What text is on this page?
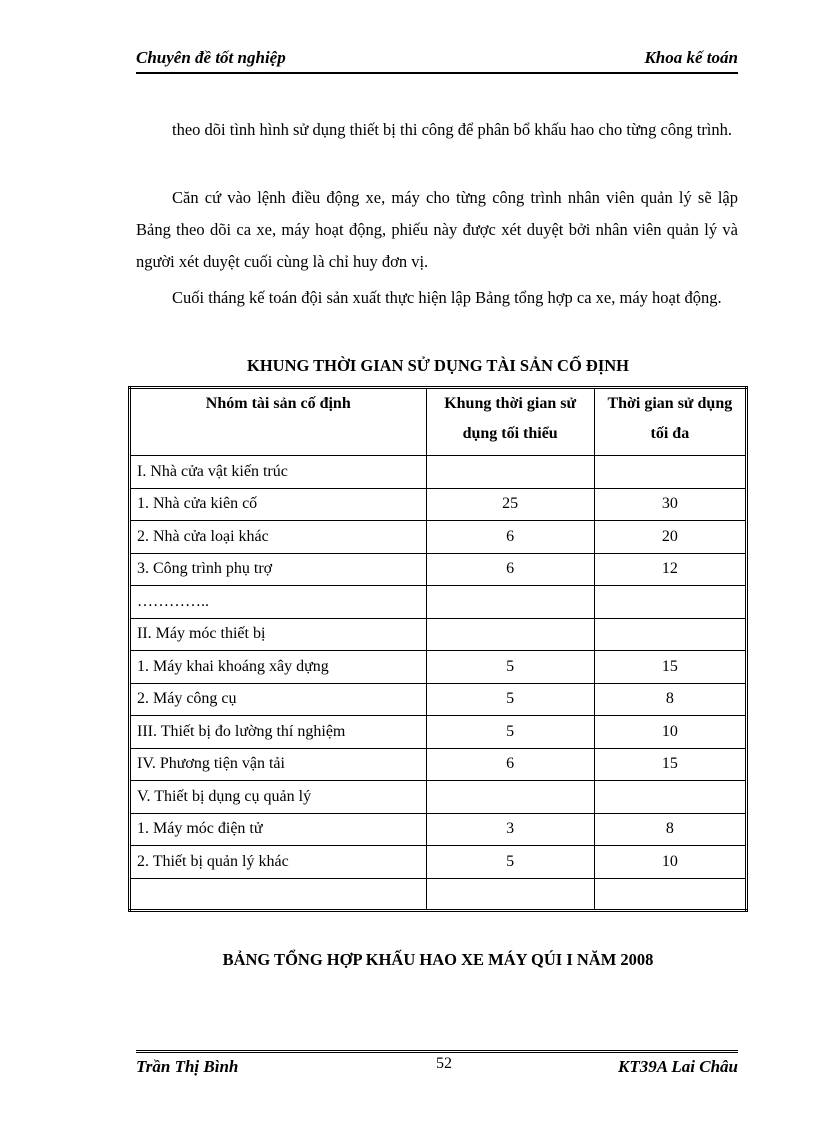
Chuyên đề tốt nghiệp	Khoa kế toán

theo dõi tình hình sử dụng thiết bị thi công để phân bổ khấu hao cho từng công trình.

Căn cứ vào lệnh điều động xe, máy cho từng công trình nhân viên quản lý sẽ lập Bảng theo dõi ca xe, máy hoạt động, phiếu này được xét duyệt bởi nhân viên quản lý và người xét duyệt cuối cùng là chỉ huy đơn vị.

Cuối tháng kế toán đội sản xuất thực hiện lập Bảng tổng hợp ca xe, máy hoạt động.

KHUNG THỜI GIAN SỬ DỤNG TÀI SẢN CỐ ĐỊNH
Nhóm tài sản cố định	Khung thời gian sử dụng tối thiểu	Thời gian sử dụng tối đa
I. Nhà cửa vật kiến trúc		
1. Nhà cửa kiên cố	25	30
2. Nhà cửa loại khác	6	20
3. Công trình phụ trợ	6	12
…………..		
II. Máy móc thiết bị		
1. Máy khai khoáng xây dựng	5	15
2. Máy công cụ	5	8
III. Thiết bị đo lường thí nghiệm	5	10
IV. Phương tiện vận tải	6	15
V. Thiết bị dụng cụ quản lý		
1. Máy móc điện tử	3	8
2. Thiết bị quản lý khác	5	10

BẢNG TỔNG HỢP KHẤU HAO XE MÁY QÚI I NĂM 2008
Trần Thị Bình	52	KT39A Lai Châu
